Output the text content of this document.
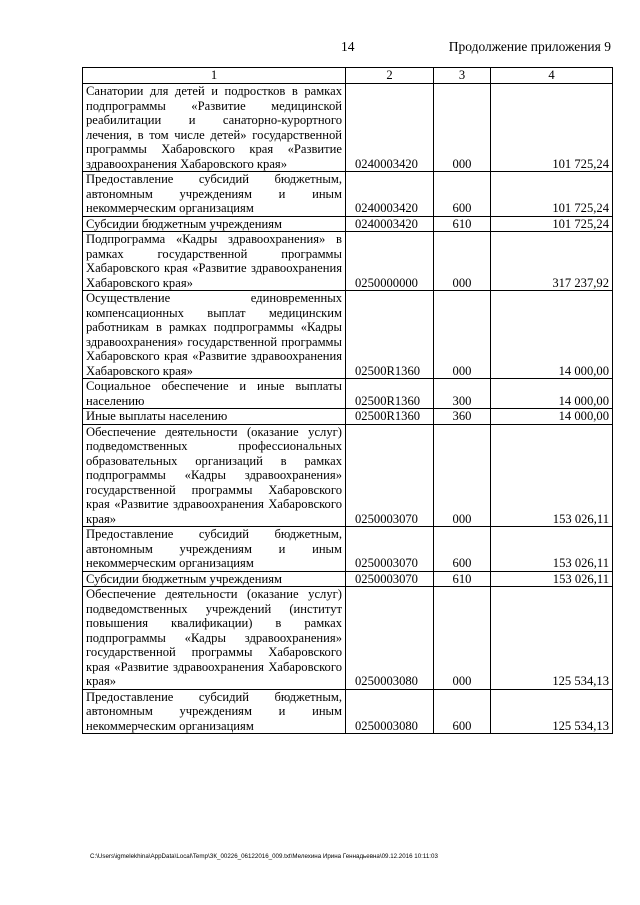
14	Продолжение приложения 9
1	2	3	4
Санатории для детей и подростков в рамках подпрограммы «Развитие медицинской реабилитации и санаторно-курортного лечения, в том числе детей» государственной программы Хабаровского края «Развитие здравоохранения Хабаровского края»	0240003420	000	101 725,24
Предоставление субсидий бюджетным, автономным учреждениям и иным некоммерческим организациям	0240003420	600	101 725,24
Субсидии бюджетным учреждениям	0240003420	610	101 725,24
Подпрограмма «Кадры здравоохранения» в рамках государственной программы Хабаровского края «Развитие здравоохранения Хабаровского края»	0250000000	000	317 237,92
Осуществление единовременных компенсационных выплат медицинским работникам в рамках подпрограммы «Кадры здравоохранения» государственной программы Хабаровского края «Развитие здравоохранения Хабаровского края»	02500R1360	000	14 000,00
Социальное обеспечение и иные выплаты населению	02500R1360	300	14 000,00
Иные выплаты населению	02500R1360	360	14 000,00
Обеспечение деятельности (оказание услуг) подведомственных профессиональных образовательных организаций в рамках подпрограммы «Кадры здравоохранения» государственной программы Хабаровского края «Развитие здравоохранения Хабаровского края»	0250003070	000	153 026,11
Предоставление субсидий бюджетным, автономным учреждениям и иным некоммерческим организациям	0250003070	600	153 026,11
Субсидии бюджетным учреждениям	0250003070	610	153 026,11
Обеспечение деятельности (оказание услуг) подведомственных учреждений (институт повышения квалификации) в рамках подпрограммы «Кадры здравоохранения» государственной программы Хабаровского края «Развитие здравоохранения Хабаровского края»	0250003080	000	125 534,13
Предоставление субсидий бюджетным, автономным учреждениям и иным некоммерческим организациям	0250003080	600	125 534,13
C:\Users\igmelekhina\AppData\Local\Temp\ЗК_00226_06122016_009.txt\Мелехина Ирина Геннадьевна\09.12.2016 10:11:03
